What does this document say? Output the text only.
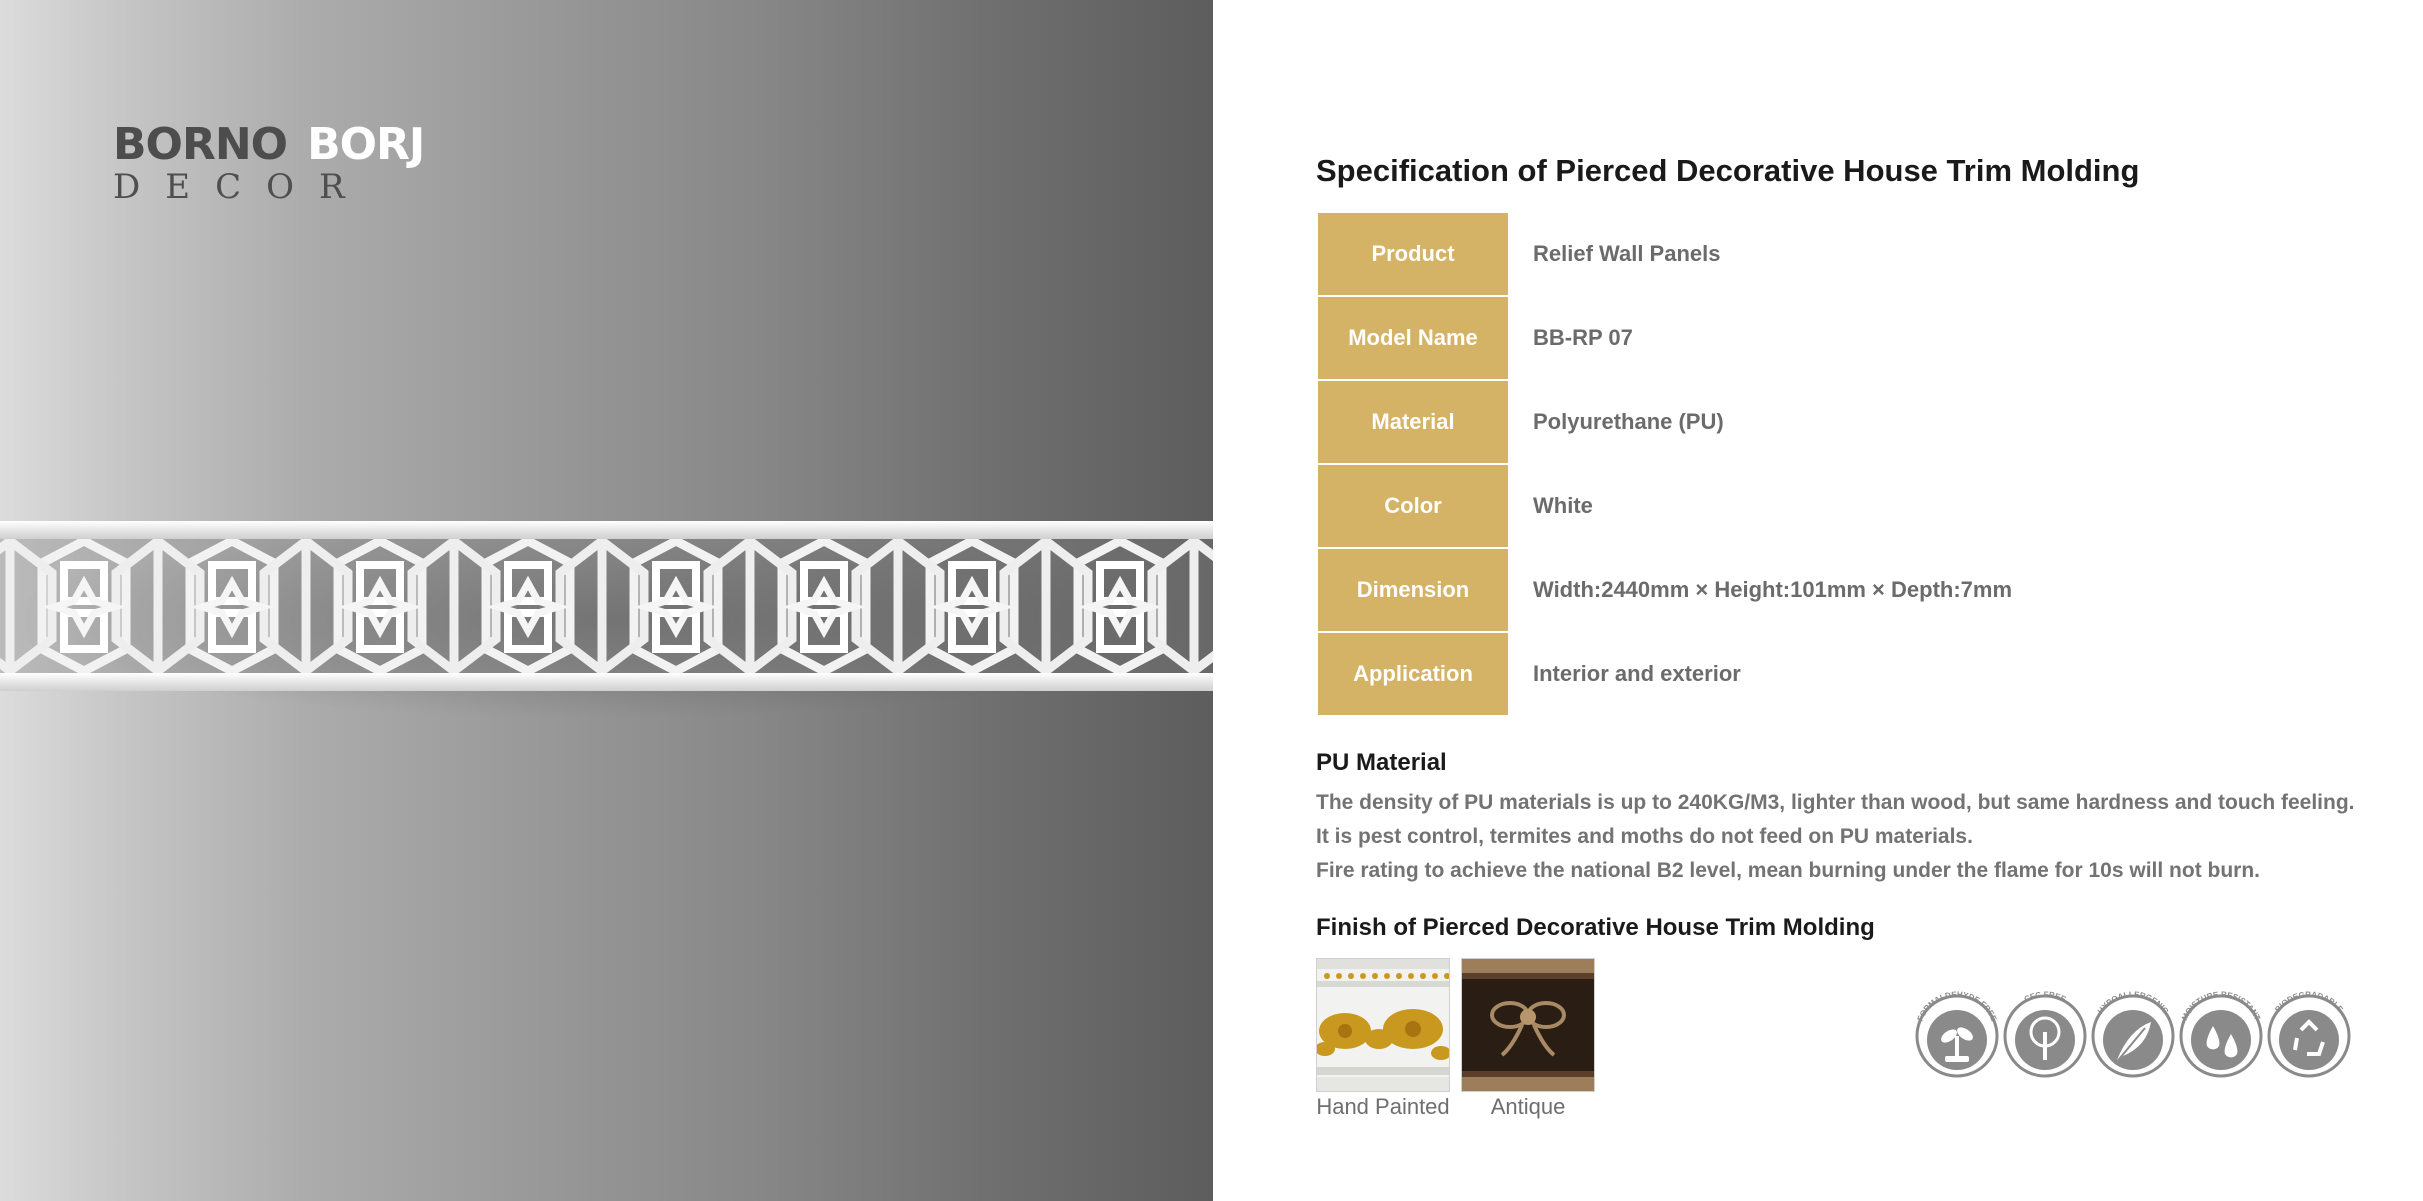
BORNO BORJ
DECOR	Specification of Pierced Decorative House Trim Molding
Product	Relief Wall Panels
Model Name	BB-RP 07
Material	Polyurethane (PU)
Color	White
Dimension	Width:2440mm × Height:101mm × Depth:7mm
Application	Interior and exterior
PU Material
The density of PU materials is up to 240KG/M3, lighter than wood, but same hardness and touch feeling.
It is pest control, termites and moths do not feed on PU materials.
Fire rating to achieve the national B2 level, mean burning under the flame for 10s will not burn.
Finish of Pierced Decorative House Trim Molding
Hand Painted	Antique
FORMALDEHYDE FREE
CFC FREE
HYPOALLERGENIC
MOISTURE RESISTANT
BIODEGRADABLE
